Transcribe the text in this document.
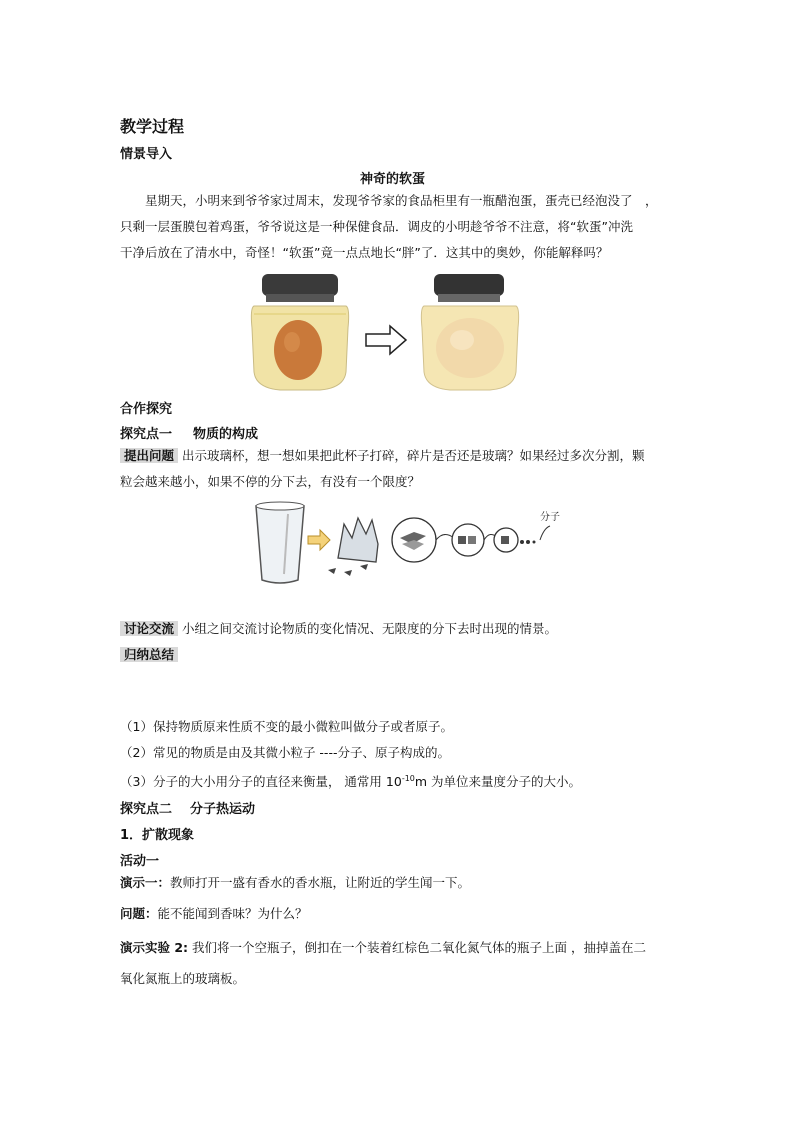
教学过程
情景导入
神奇的软蛋
星期天，小明来到爷爷家过周末，发现爷爷家的食品柜里有一瓶醋泡蛋，蛋壳已经泡没了　，
只剩一层蛋膜包着鸡蛋，爷爷说这是一种保健食品．调皮的小明趁爷爷不注意，将“软蛋”冲洗
干净后放在了清水中，奇怪！“软蛋”竟一点点地长“胖”了．这其中的奥妙，你能解释吗？
合作探究
探究点一 物质的构成
提出问题 出示玻璃杯，想一想如果把此杯子打碎，碎片是否还是玻璃？如果经过多次分割，颗
粒会越来越小，如果不停的分下去，有没有一个限度？
分子
讨论交流 小组之间交流讨论物质的变化情况、无限度的分下去时出现的情景。
归纳总结
（1）保持物质原来性质不变的最小微粒叫做分子或者原子。
（2）常见的物质是由及其微小粒子 ----分子、原子构成的。
（3）分子的大小用分子的直径来衡量， 通常用 $10^{-10}m$ 为单位来量度分子的大小。
探究点二 分子热运动
1．扩散现象
活动一
演示一：教师打开一盛有香水的香水瓶，让附近的学生闻一下。
问题：能不能闻到香味？为什么？
演示实验 2: 我们将一个空瓶子，倒扣在一个装着红棕色二氧化氮气体的瓶子上面 ，抽掉盖在二
氧化氮瓶上的玻璃板。
